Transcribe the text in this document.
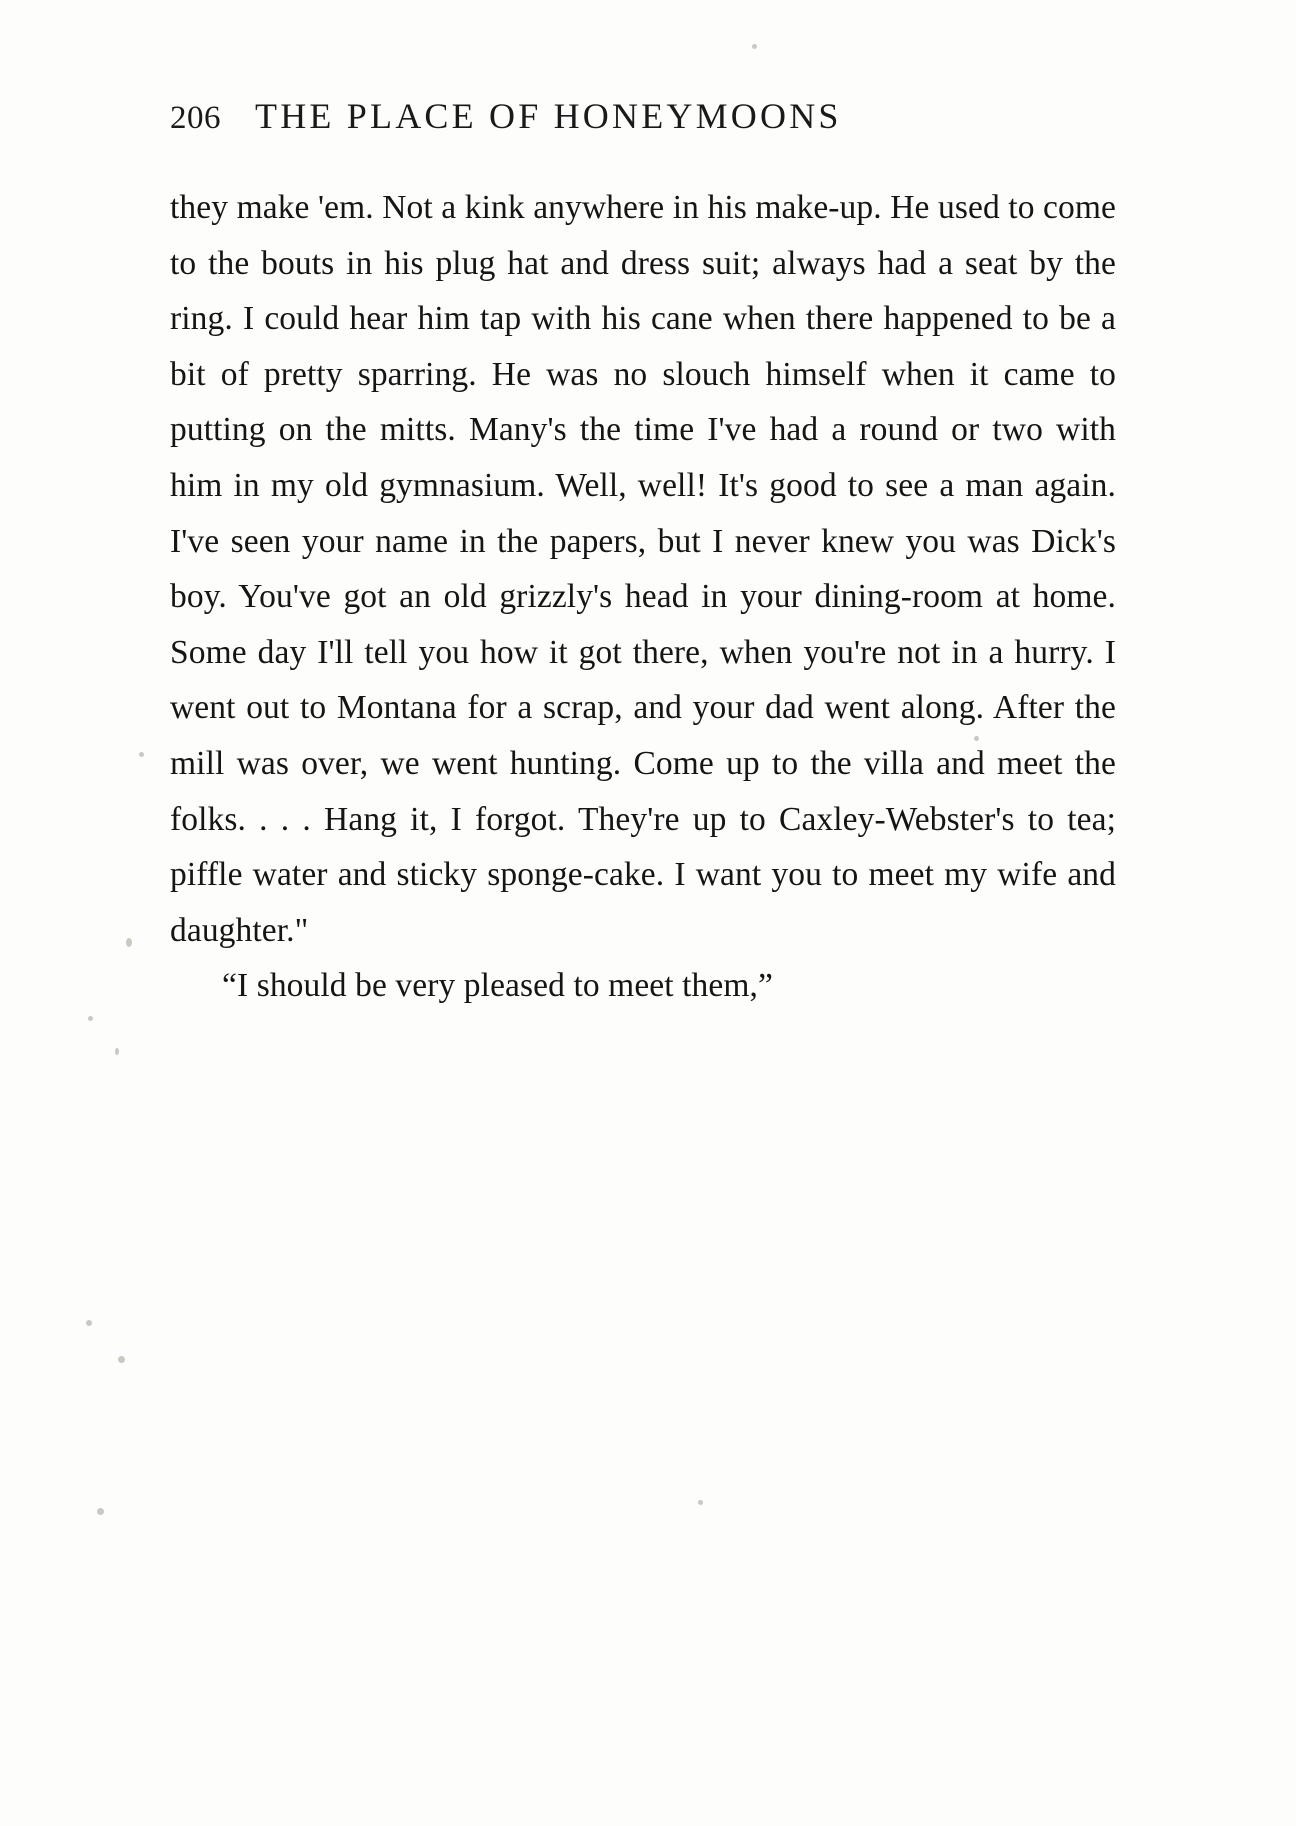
206 THE PLACE OF HONEYMOONS

they make 'em. Not a kink anywhere in his make-up. He used to come to the bouts in his plug hat and dress suit; always had a seat by the ring. I could hear him tap with his cane when there happened to be a bit of pretty sparring. He was no slouch himself when it came to putting on the mitts. Many's the time I've had a round or two with him in my old gymnasium. Well, well! It's good to see a man again. I've seen your name in the papers, but I never knew you was Dick's boy. You've got an old grizzly's head in your dining-room at home. Some day I'll tell you how it got there, when you're not in a hurry. I went out to Montana for a scrap, and your dad went along. After the mill was over, we went hunting. Come up to the villa and meet the folks. . . . Hang it, I forgot. They're up to Caxley-Webster's to tea; piffle water and sticky sponge-cake. I want you to meet my wife and daughter."

“I should be very pleased to meet them,”
